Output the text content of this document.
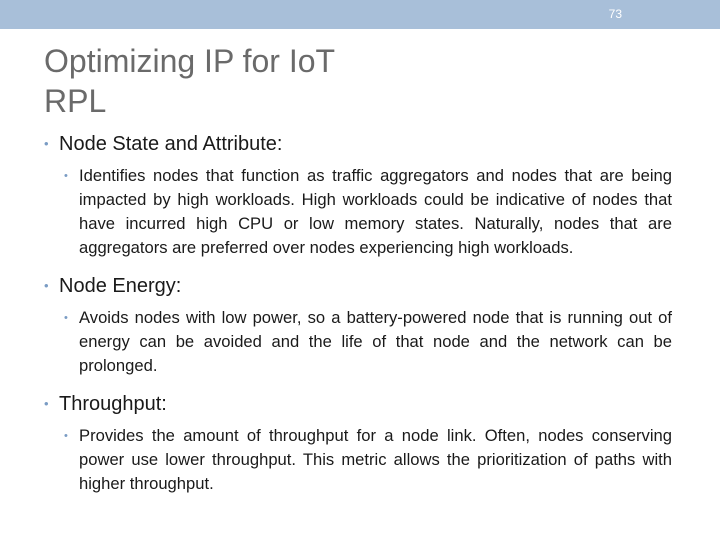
73
Optimizing IP for IoT
RPL
• Node State and Attribute:
• Identifies nodes that function as traffic aggregators and nodes that are being impacted by high workloads. High workloads could be indicative of nodes that have incurred high CPU or low memory states. Naturally, nodes that are aggregators are preferred over nodes experiencing high workloads.
• Node Energy:
• Avoids nodes with low power, so a battery-powered node that is running out of energy can be avoided and the life of that node and the network can be prolonged.
• Throughput:
• Provides the amount of throughput for a node link. Often, nodes conserving power use lower throughput. This metric allows the prioritization of paths with higher throughput.
